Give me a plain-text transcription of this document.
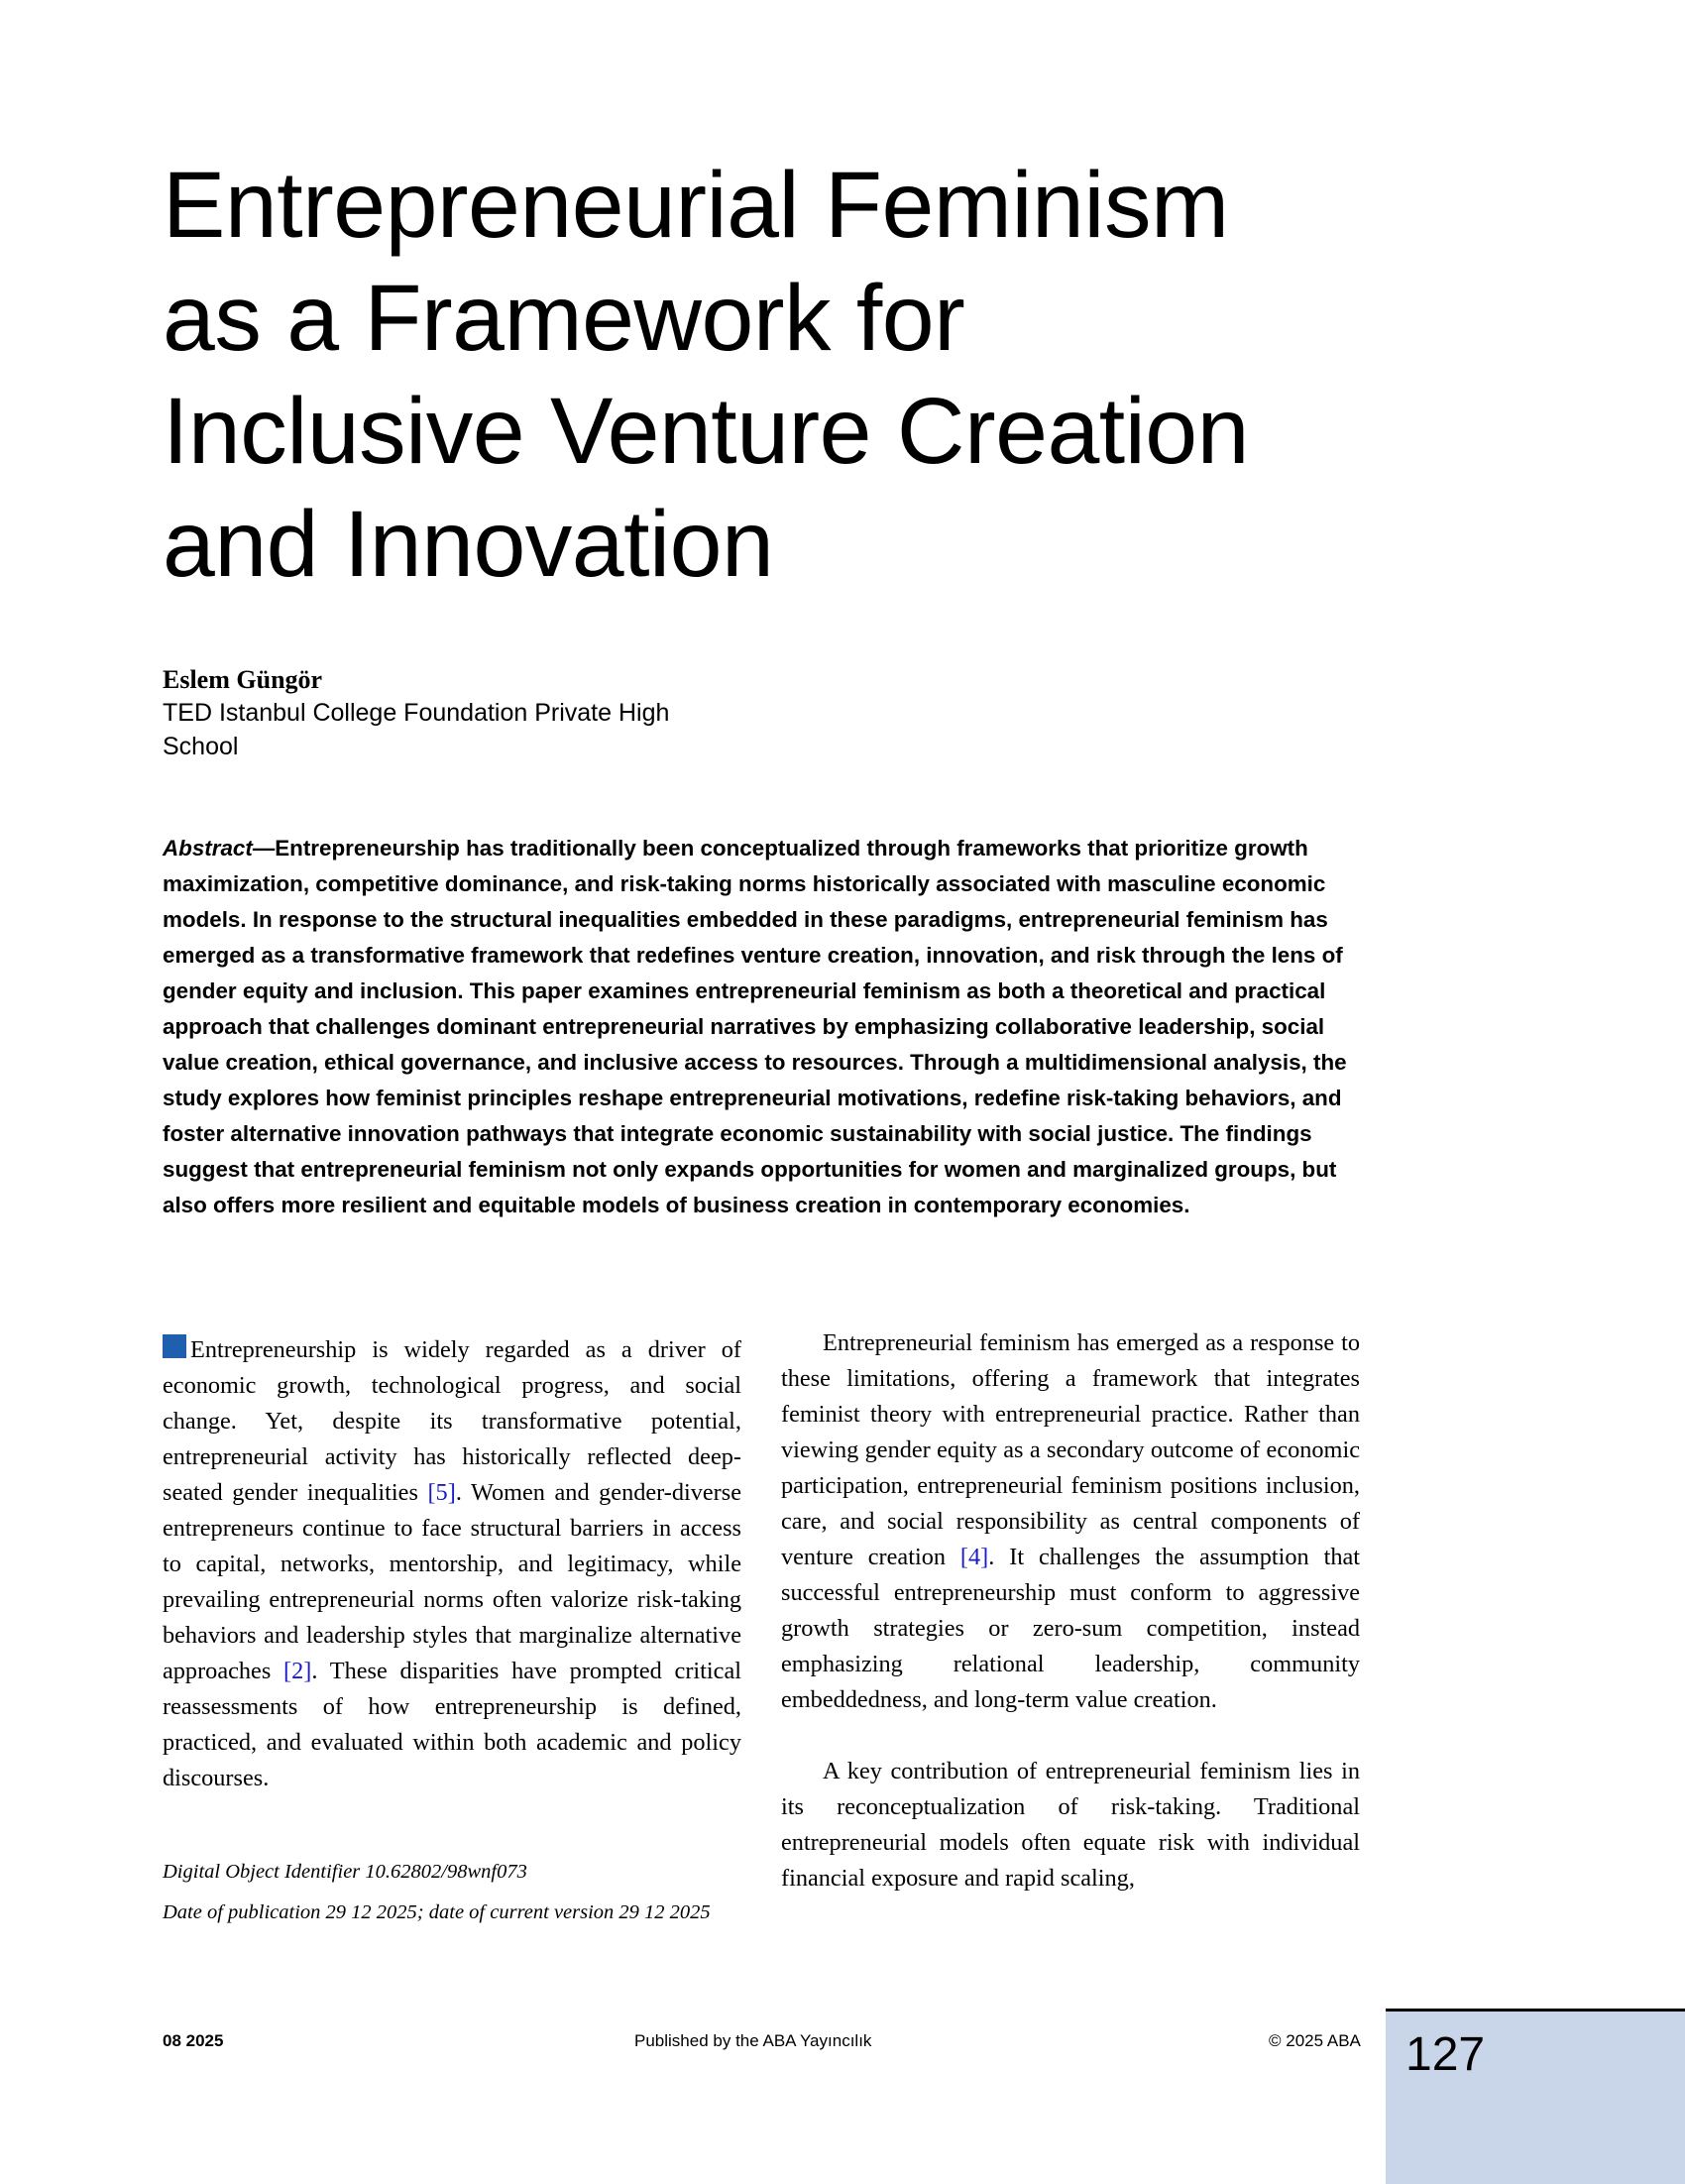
Entrepreneurial Feminism
as a Framework for
Inclusive Venture Creation
and Innovation

Eslem Güngör

TED Istanbul College Foundation Private High School

Abstract—Entrepreneurship has traditionally been conceptualized through frameworks that prioritize growth maximization, competitive dominance, and risk-taking norms historically associated with masculine economic models. In response to the structural inequalities embedded in these paradigms, entrepreneurial feminism has emerged as a transformative framework that redefines venture creation, innovation, and risk through the lens of gender equity and inclusion. This paper examines entrepreneurial feminism as both a theoretical and practical approach that challenges dominant entrepreneurial narratives by emphasizing collaborative leadership, social value creation, ethical governance, and inclusive access to resources. Through a multidimensional analysis, the study explores how feminist principles reshape entrepreneurial motivations, redefine risk-taking behaviors, and foster alternative innovation pathways that integrate economic sustainability with social justice. The findings suggest that entrepreneurial feminism not only expands opportunities for women and marginalized groups, but also offers more resilient and equitable models of business creation in contemporary economies.

Entrepreneurship is widely regarded as a driver of economic growth, technological progress, and social change. Yet, despite its transformative potential, entrepreneurial activity has historically reflected deep-seated gender inequalities [5]. Women and gender-diverse entrepreneurs continue to face structural barriers in access to capital, networks, mentorship, and legitimacy, while prevailing entrepreneurial norms often valorize risk-taking behaviors and leadership styles that marginalize alternative approaches [2]. These disparities have prompted critical reassessments of how entrepreneurship is defined, practiced, and evaluated within both academic and policy discourses.

Digital Object Identifier 10.62802/98wnf073

Date of publication 29 12 2025; date of current version 29 12 2025

Entrepreneurial feminism has emerged as a response to these limitations, offering a framework that integrates feminist theory with entrepreneurial practice. Rather than viewing gender equity as a secondary outcome of economic participation, entrepreneurial feminism positions inclusion, care, and social responsibility as central components of venture creation [4]. It challenges the assumption that successful entrepreneurship must conform to aggressive growth strategies or zero-sum competition, instead emphasizing relational leadership, community embeddedness, and long-term value creation.

A key contribution of entrepreneurial feminism lies in its reconceptualization of risk-taking. Traditional entrepreneurial models often equate risk with individual financial exposure and rapid scaling,

08 2025	Published by the ABA Yayıncılık	© 2025 ABA 127
